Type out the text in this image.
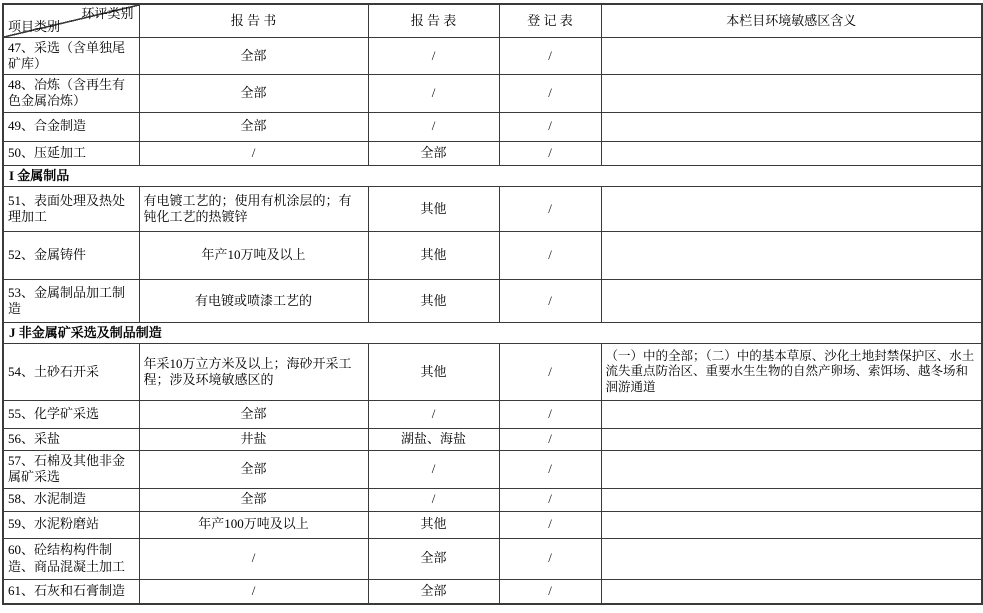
环评类别
项目类别	报 告 书	报 告 表	登 记 表	本栏目环境敏感区含义
47、采选（含单独尾矿库）	全部	/	/	
48、冶炼（含再生有色金属冶炼）	全部	/	/	
49、合金制造	全部	/	/	
50、压延加工	/	全部	/	
I 金属制品				
51、表面处理及热处理加工	有电镀工艺的；使用有机涂层的；有钝化工艺的热镀锌	其他	/	
52、金属铸件	年产10万吨及以上	其他	/	
53、金属制品加工制造	有电镀或喷漆工艺的	其他	/	
J 非金属矿采选及制品制造				
54、土砂石开采	年采10万立方米及以上；海砂开采工程；涉及环境敏感区的	其他	/	（一）中的全部；（二）中的基本草原、沙化土地封禁保护区、水土流失重点防治区、重要水生生物的自然产卵场、索饵场、越冬场和洄游通道
55、化学矿采选	全部	/	/	
56、采盐	井盐	湖盐、海盐	/	
57、石棉及其他非金属矿采选	全部	/	/	
58、水泥制造	全部	/	/	
59、水泥粉磨站	年产100万吨及以上	其他	/	
60、砼结构构件制造、商品混凝土加工	/	全部	/	
61、石灰和石膏制造	/	全部	/	
